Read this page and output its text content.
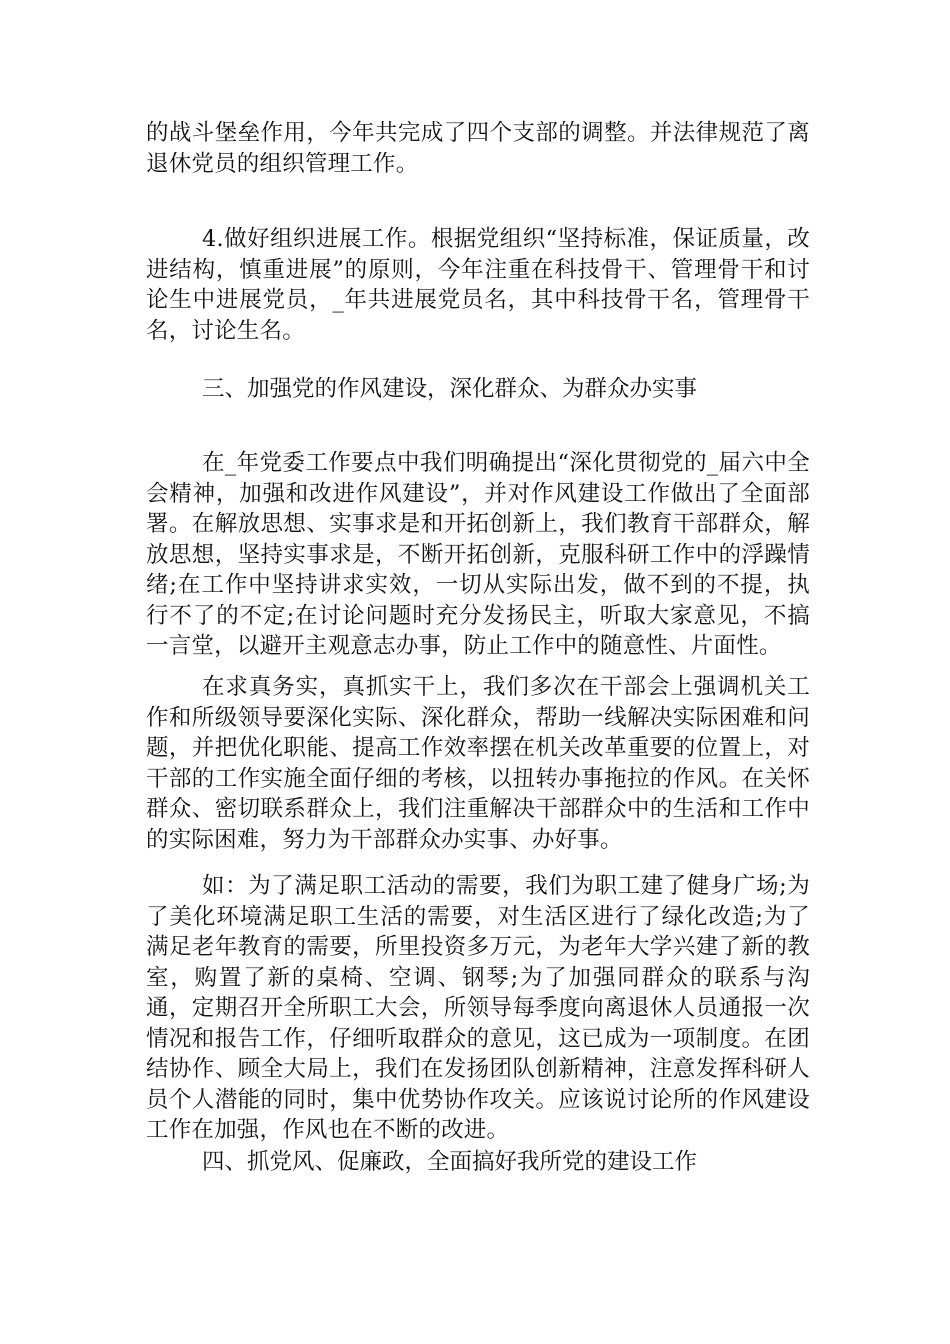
的战斗堡垒作用，今年共完成了四个支部的调整。并法律规范了离退休党员的组织管理工作。

4.做好组织进展工作。根据党组织“坚持标准，保证质量，改进结构，慎重进展”的原则，今年注重在科技骨干、管理骨干和讨论生中进展党员，_年共进展党员名，其中科技骨干名，管理骨干名，讨论生名。

三、加强党的作风建设，深化群众、为群众办实事

在_年党委工作要点中我们明确提出“深化贯彻党的_届六中全会精神，加强和改进作风建设”，并对作风建设工作做出了全面部署。在解放思想、实事求是和开拓创新上，我们教育干部群众，解放思想，坚持实事求是，不断开拓创新，克服科研工作中的浮躁情绪;在工作中坚持讲求实效，一切从实际出发，做不到的不提，执行不了的不定;在讨论问题时充分发扬民主，听取大家意见，不搞一言堂，以避开主观意志办事，防止工作中的随意性、片面性。

在求真务实，真抓实干上，我们多次在干部会上强调机关工作和所级领导要深化实际、深化群众，帮助一线解决实际困难和问题，并把优化职能、提高工作效率摆在机关改革重要的位置上，对干部的工作实施全面仔细的考核，以扭转办事拖拉的作风。在关怀群众、密切联系群众上，我们注重解决干部群众中的生活和工作中的实际困难，努力为干部群众办实事、办好事。

如：为了满足职工活动的需要，我们为职工建了健身广场;为了美化环境满足职工生活的需要，对生活区进行了绿化改造;为了满足老年教育的需要，所里投资多万元，为老年大学兴建了新的教室，购置了新的桌椅、空调、钢琴;为了加强同群众的联系与沟通，定期召开全所职工大会，所领导每季度向离退休人员通报一次情况和报告工作，仔细听取群众的意见，这已成为一项制度。在团结协作、顾全大局上，我们在发扬团队创新精神，注意发挥科研人员个人潜能的同时，集中优势协作攻关。应该说讨论所的作风建设工作在加强，作风也在不断的改进。

四、抓党风、促廉政，全面搞好我所党的建设工作
